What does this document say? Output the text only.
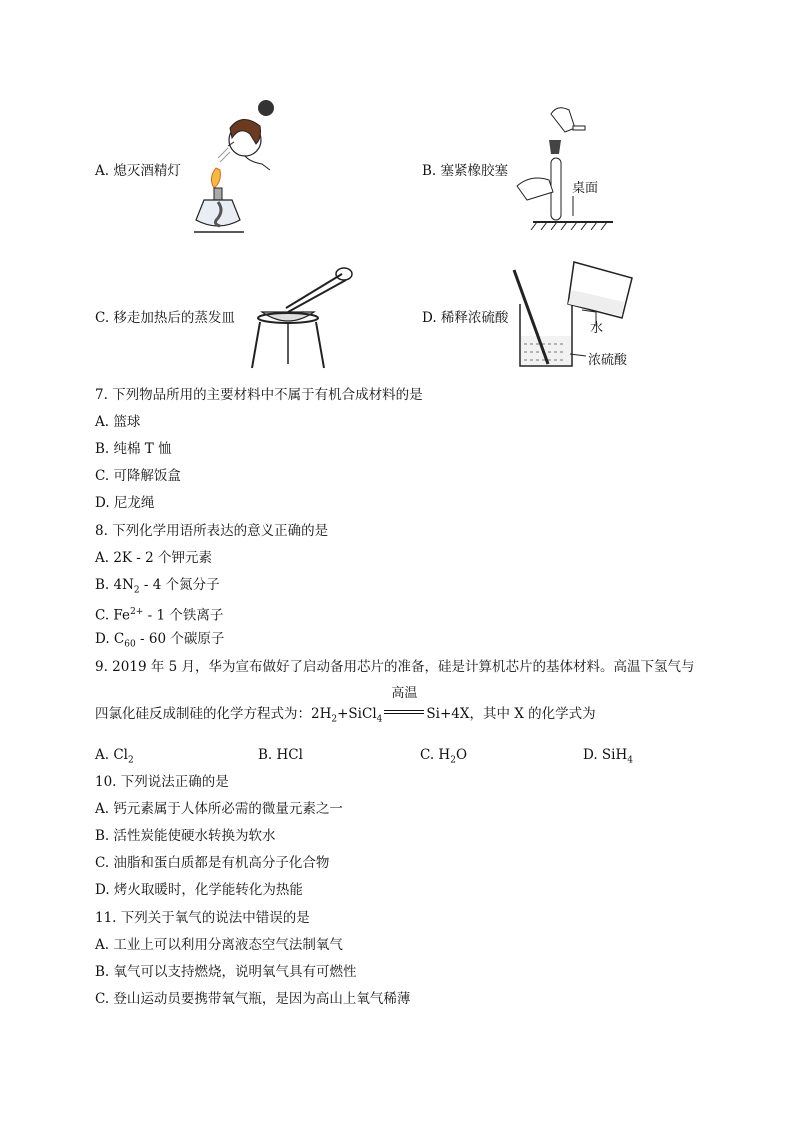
A. 熄灭酒精灯	B. 塞紧橡胶塞
桌面
C. 移走加热后的蒸发皿	D. 稀释浓硫酸
水
浓硫酸
7. 下列物品所用的主要材料中不属于有机合成材料的是
A. 篮球
B. 纯棉 T 恤
C. 可降解饭盒
D. 尼龙绳
8. 下列化学用语所表达的意义正确的是
A. 2K - 2 个钾元素
B. $4N_2 - 4$ 个氮分子
C. $Fe^{2+} - 1$ 个铁离子
D. $C_{60} - 60$ 个碳原子
9. 2019 年 5 月，华为宣布做好了启动备用芯片的准备，硅是计算机芯片的基体材料。高温下氢气与
四氯化硅反成制硅的化学方程式为：$2H_2+SiCl_4$
高温
Si+4X，其中 X 的化学式为
A. $Cl_2$	B. HCl	C. $H_2O$	D. SiH$_4$
10. 下列说法正确的是
A. 钙元素属于人体所必需的微量元素之一
B. 活性炭能使硬水转换为软水
C. 油脂和蛋白质都是有机高分子化合物
D. 烤火取暖时，化学能转化为热能
11. 下列关于氧气的说法中错误的是
A. 工业上可以利用分离液态空气法制氧气
B. 氧气可以支持燃烧，说明氧气具有可燃性
C. 登山运动员要携带氧气瓶，是因为高山上氧气稀薄
